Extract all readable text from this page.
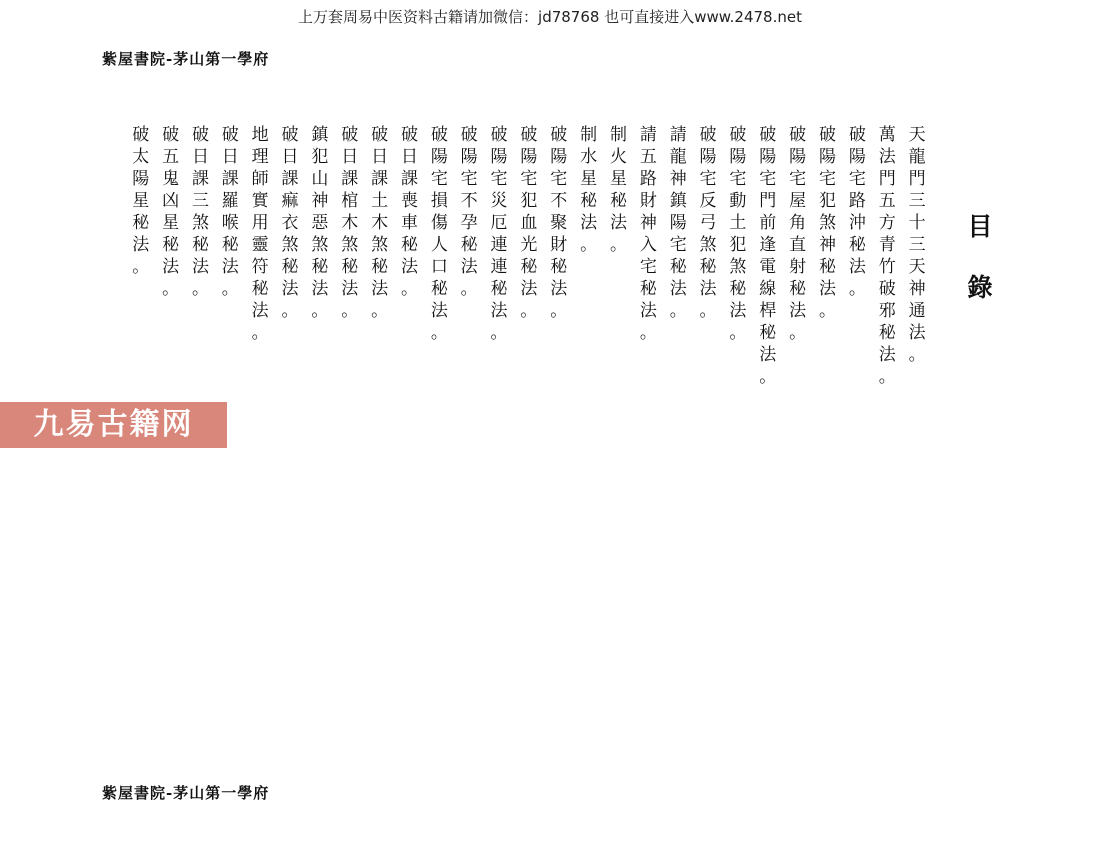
上万套周易中医资料古籍请加微信：jd78768 也可直接进入www.2478.net
紫屋書院-茅山第一學府
目
錄
天
龍
門
三
十
三
天
神
通
法
。
萬
法
門
五
方
青
竹
破
邪
秘
法
。
破
陽
宅
路
沖
秘
法
。
破
陽
宅
犯
煞
神
秘
法
。
破
陽
宅
屋
角
直
射
秘
法
。
破
陽
宅
門
前
逢
電
線
桿
秘
法
。
破
陽
宅
動
土
犯
煞
秘
法
。
破
陽
宅
反
弓
煞
秘
法
。
請
龍
神
鎮
陽
宅
秘
法
。
請
五
路
財
神
入
宅
秘
法
。
制
火
星
秘
法
。
制
水
星
秘
法
。
破
陽
宅
不
聚
財
秘
法
。
破
陽
宅
犯
血
光
秘
法
。
破
陽
宅
災
厄
連
連
秘
法
。
破
陽
宅
不
孕
秘
法
。
破
陽
宅
損
傷
人
口
秘
法
。
破
日
課
喪
車
秘
法
。
破
日
課
土
木
煞
秘
法
。
破
日
課
棺
木
煞
秘
法
。
鎮
犯
山
神
惡
煞
秘
法
。
破
日
課
痲
衣
煞
秘
法
。
地
理
師
實
用
靈
符
秘
法
。
破
日
課
羅
喉
秘
法
。
破
日
課
三
煞
秘
法
。
破
五
鬼
凶
星
秘
法
。
破
太
陽
星
秘
法
。
九易古籍网
紫屋書院-茅山第一學府
